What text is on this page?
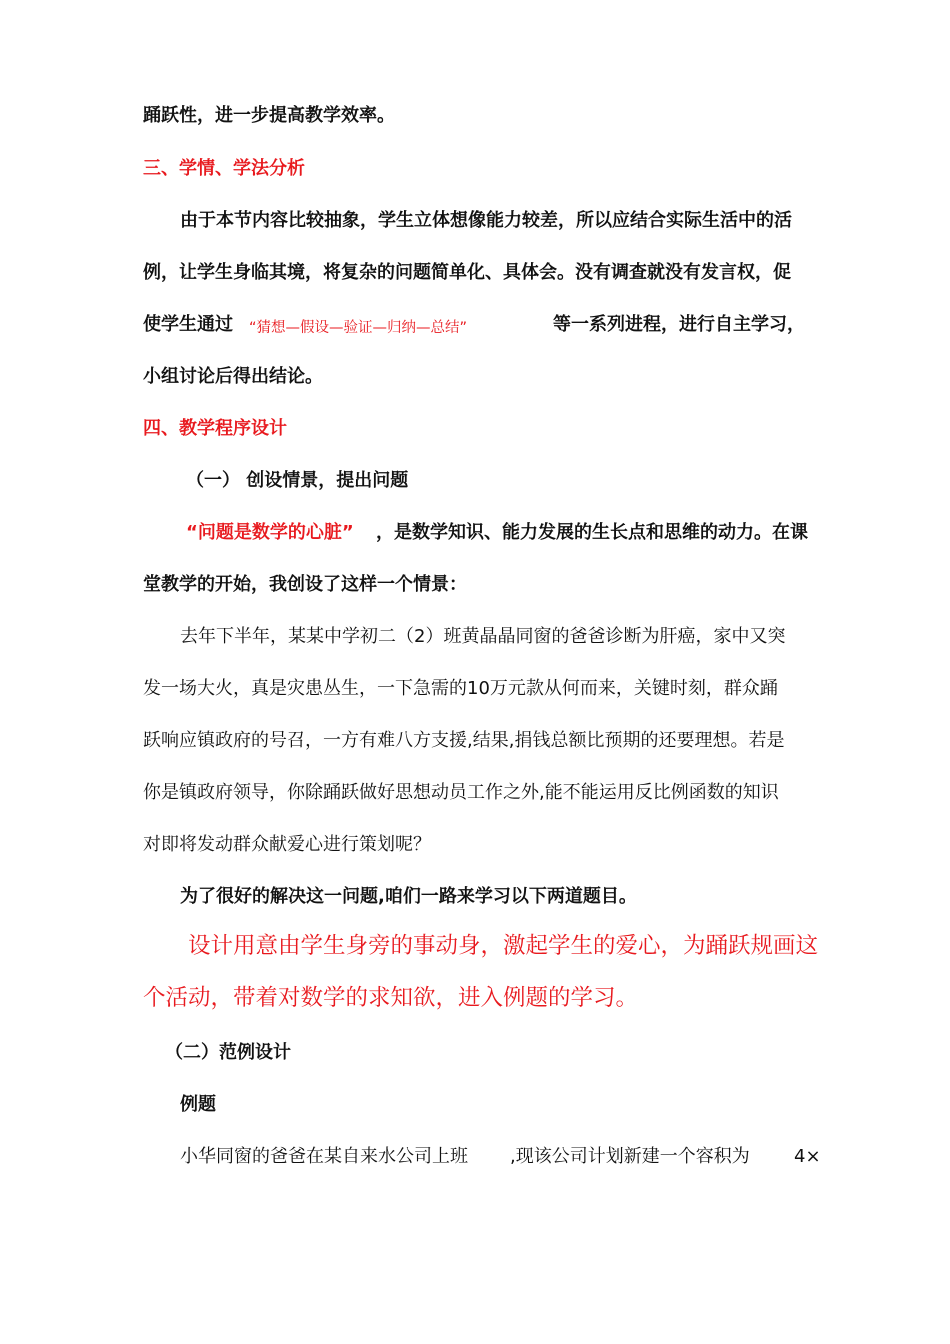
踊跃性，进一步提高教学效率。
三、学情、学法分析
由于本节内容比较抽象，学生立体想像能力较差，所以应结合实际生活中的活
例，让学生身临其境，将复杂的问题简单化、具体会。没有调查就没有发言权，促
使学生通过 “猜想—假设—验证—归纳—总结”	等一系列进程，进行自主学习，
小组讨论后得出结论。
四、教学程序设计
（一） 创设情景，提出问题
“问题是数学的心脏” ，是数学知识、能力发展的生长点和思维的动力。在课
堂教学的开始，我创设了这样一个情景：
去年下半年，某某中学初二（2）班黄晶晶同窗的爸爸诊断为肝癌，家中又突
发一场大火，真是灾患丛生，一下急需的10万元款从何而来，关键时刻，群众踊
跃响应镇政府的号召，一方有难八方支援,结果,捐钱总额比预期的还要理想。若是
你是镇政府领导，你除踊跃做好思想动员工作之外,能不能运用反比例函数的知识
对即将发动群众献爱心进行策划呢？
为了很好的解决这一问题,咱们一路来学习以下两道题目。
设计用意由学生身旁的事动身，激起学生的爱心，为踊跃规画这
个活动，带着对数学的求知欲，进入例题的学习。
（二）范例设计
例题
小华同窗的爸爸在某自来水公司上班 ,现该公司计划新建一个容积为 4×
